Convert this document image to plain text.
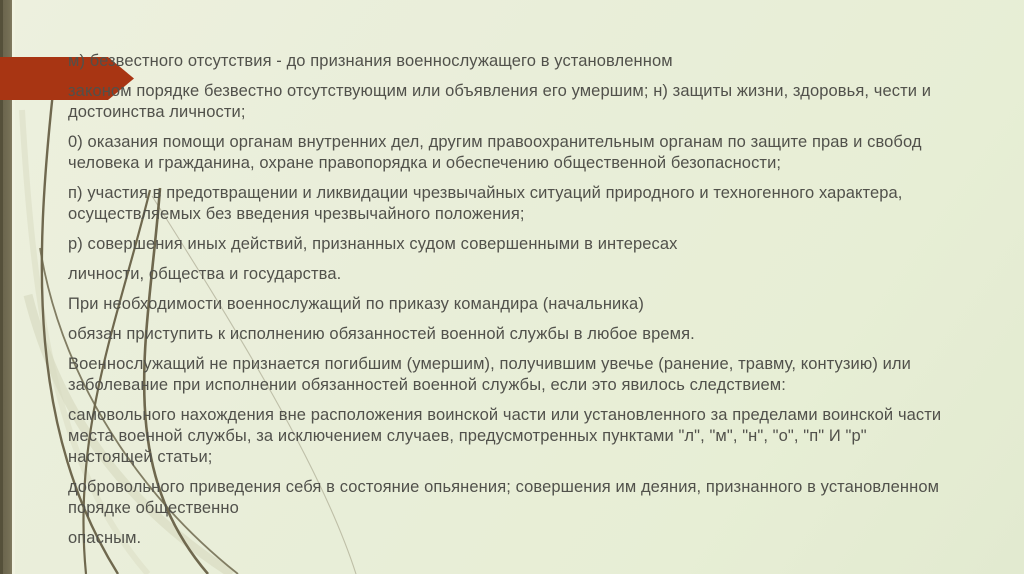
м) безвестного отсутствия - до признания военнослужащего в установленном

законом порядке безвестно отсутствующим или объявления его умершим; н) защиты жизни, здоровья, чести и достоинства личности;

0) оказания помощи органам внутренних дел, другим правоохранительным органам по защите прав и свобод человека и гражданина, охране правопорядка и обеспечению общественной безопасности;

п) участия в предотвращении и ликвидации чрезвычайных ситуаций природного и техногенного характера, осуществляемых без введения чрезвычайного положения;

р) совершения иных действий, признанных судом совершенными в интересах

личности, общества и государства.

При необходимости военнослужащий по приказу командира (начальника)

обязан приступить к исполнению обязанностей военной службы в любое время.

Военнослужащий не признается погибшим (умершим), получившим увечье (ранение, травму, контузию) или заболевание при исполнении обязанностей военной службы, если это явилось следствием:

самовольного нахождения вне расположения воинской части или установленного за пределами воинской части места военной службы, за исключением случаев, предусмотренных пунктами "л", "м", "н", "о", "п" И "р" настоящей статьи;

добровольного приведения себя в состояние опьянения; совершения им деяния, признанного в установленном порядке общественно

опасным.
